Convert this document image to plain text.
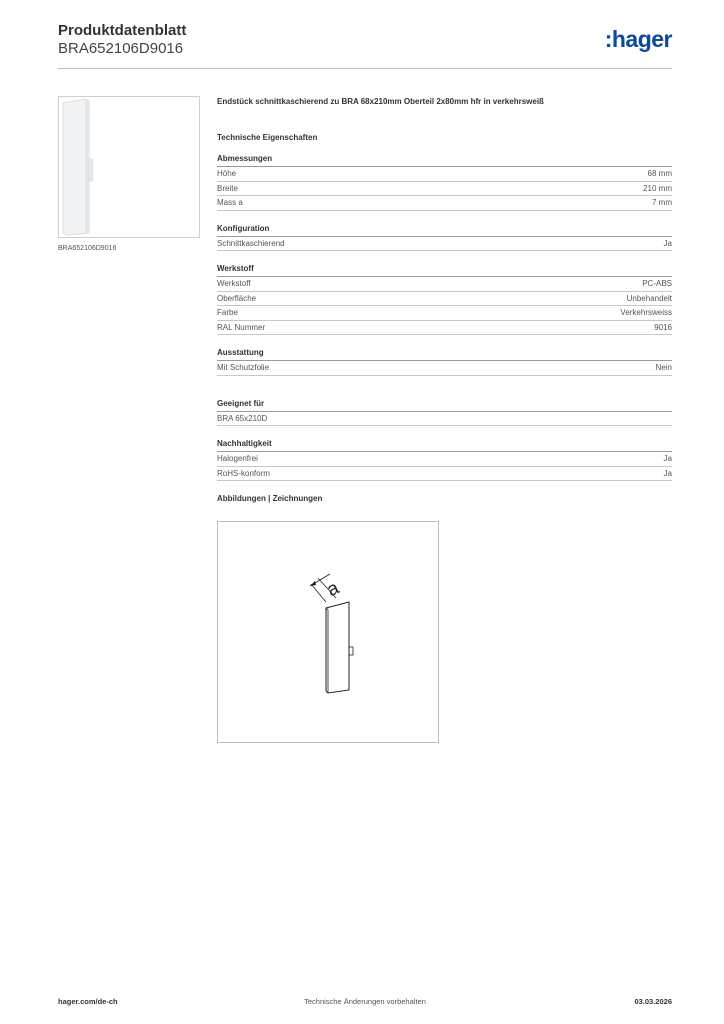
Produktdatenblatt
BRA652106D9016	:hager
BRA652106D9016
Endstück schnittkaschierend zu BRA 68x210mm Oberteil 2x80mm hfr in verkehrsweiß
Technische Eigenschaften
Abmessungen
Höhe	68 mm
Breite	210 mm
Mass a	7 mm
Konfiguration
Schnittkaschierend	Ja
Werkstoff
Werkstoff	PC-ABS
Oberfläche	Unbehandelt
Farbe	Verkehrsweiss
RAL Nummer	9016
Ausstattung
Mit Schutzfolie	Nein
Geeignet für
BRA 65x210D
Nachhaltigkeit
Halogenfrei	Ja
RoHS-konform	Ja
Abbildungen | Zeichnungen
a
hager.com/de-ch	Technische Änderungen vorbehalten	03.03.2026
